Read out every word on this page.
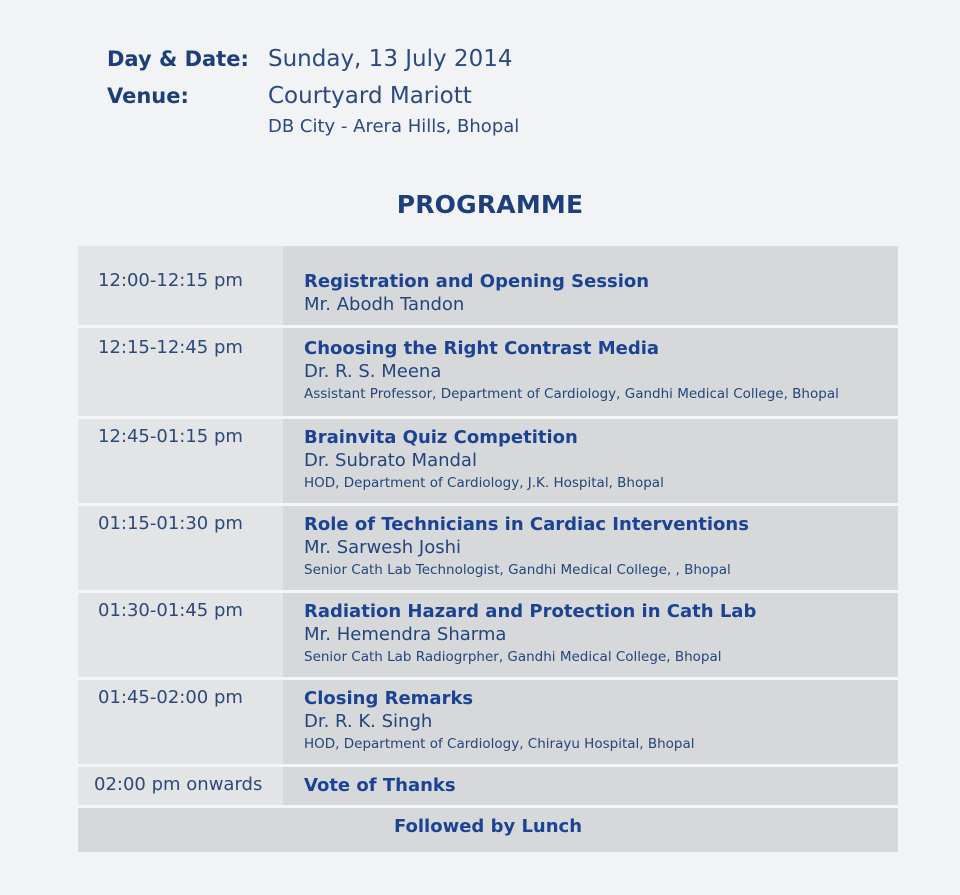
Day & Date: Sunday, 13 July 2014
Venue:	Courtyard Mariott
DB City - Arera Hills, Bhopal
PROGRAMME
12:00-12:15 pm	Registration and Opening Session
Mr. Abodh Tandon
12:15-12:45 pm	Choosing the Right Contrast Media
Dr. R. S. Meena
Assistant Professor, Department of Cardiology, Gandhi Medical College, Bhopal
12:45-01:15 pm	Brainvita Quiz Competition
Dr. Subrato Mandal
HOD, Department of Cardiology, J.K. Hospital, Bhopal
01:15-01:30 pm	Role of Technicians in Cardiac Interventions
Mr. Sarwesh Joshi
Senior Cath Lab Technologist, Gandhi Medical College, , Bhopal
01:30-01:45 pm	Radiation Hazard and Protection in Cath Lab
Mr. Hemendra Sharma
Senior Cath Lab Radiogrpher, Gandhi Medical College, Bhopal
01:45-02:00 pm	Closing Remarks
Dr. R. K. Singh
HOD, Department of Cardiology, Chirayu Hospital, Bhopal
02:00 pm onwards	Vote of Thanks
Followed by Lunch
